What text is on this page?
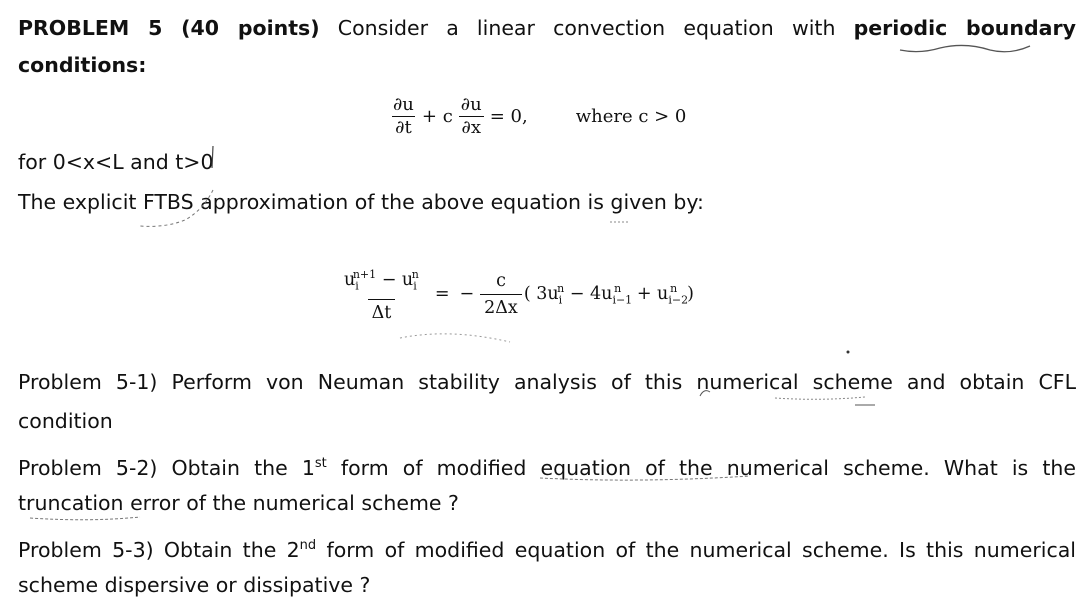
PROBLEM 5 (40 points) Consider a linear convection equation with periodic boundary
conditions:
$\frac{\partial u}{\partial t} + c \frac{\partial u}{\partial x} = 0$,	where c > 0
for 0<x<L and t>0
The explicit FTBS approximation of the above equation is given by:
$\frac{u_i^{n+1} - u_i^n}{\Delta t}$ = − $\frac{c}{2\Delta x}$ ( $3u_i^n - 4u_{i-1}^n + u_{i-2}^n$ )
Problem 5-1) Perform von Neuman stability analysis of this numerical scheme and obtain CFL
condition
Problem 5-2) Obtain the 1st form of modified equation of the numerical scheme. What is the
truncation error of the numerical scheme ?
Problem 5-3) Obtain the 2nd form of modified equation of the numerical scheme. Is this numerical
scheme dispersive or dissipative ?
